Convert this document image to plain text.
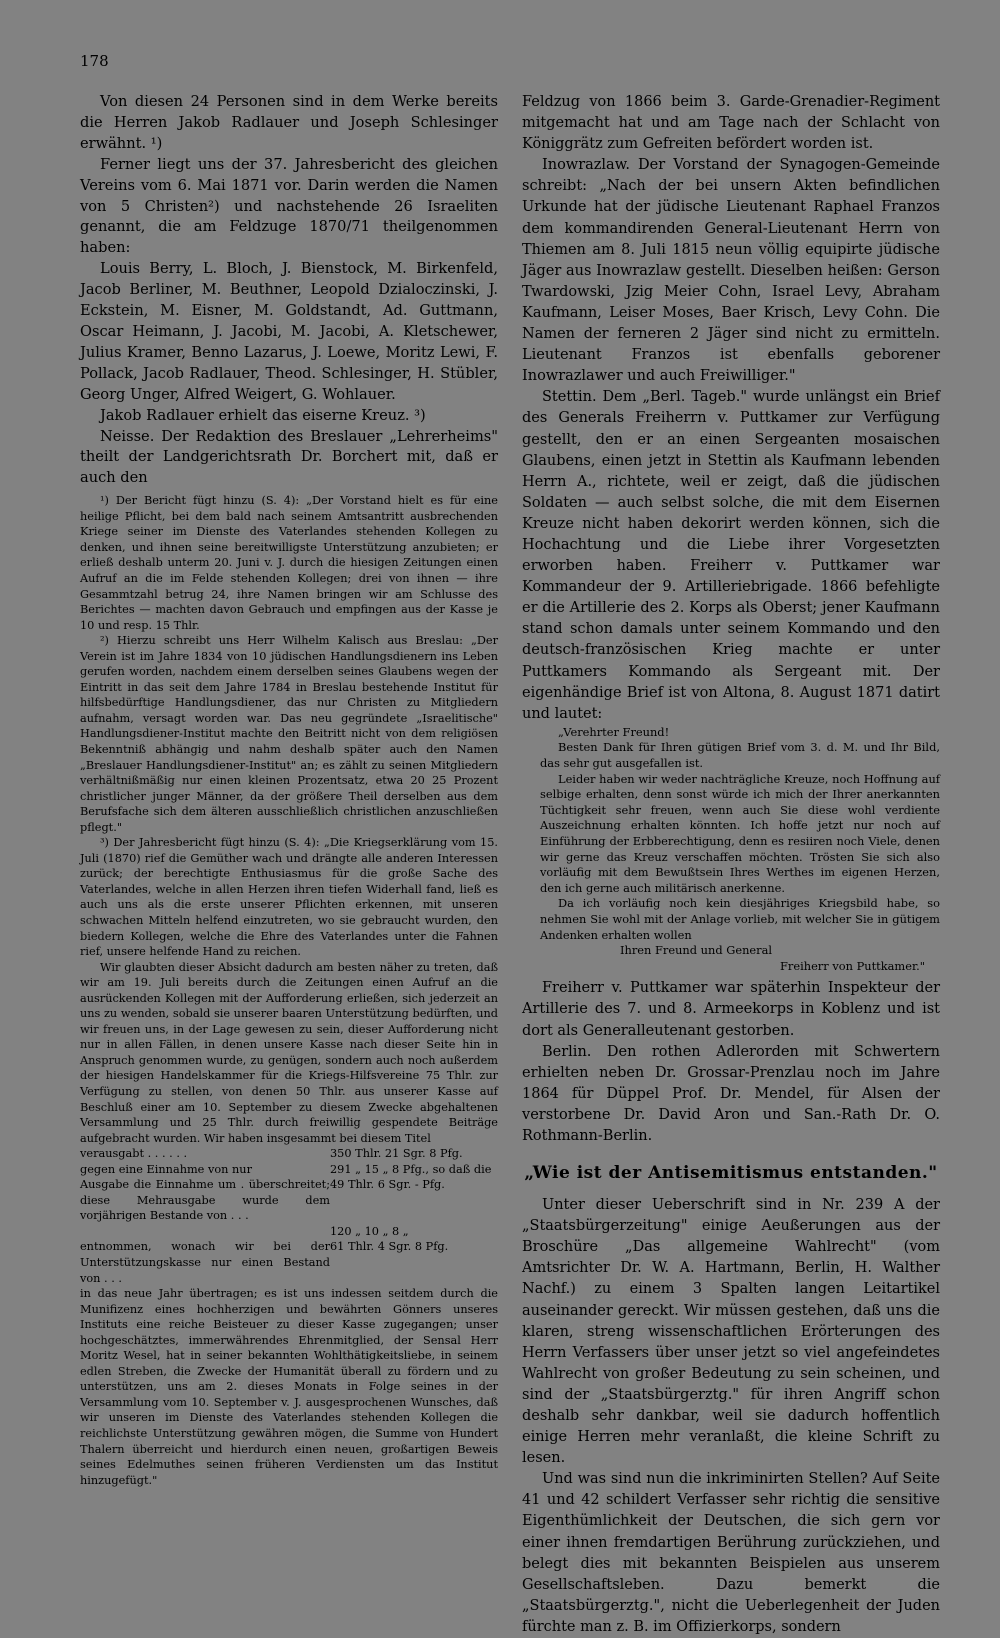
178

Von diesen 24 Personen sind in dem Werke bereits die Herren Jakob Radlauer und Joseph Schlesinger erwähnt. ¹)

Ferner liegt uns der 37. Jahresbericht des gleichen Vereins vom 6. Mai 1871 vor. Darin werden die Namen von 5 Christen²) und nachstehende 26 Israeliten genannt, die am Feldzuge 1870/71 theilgenommen haben:

Louis Berry, L. Bloch, J. Bienstock, M. Birkenfeld, Jacob Berliner, M. Beuthner, Leopold Dzialoczinski, J. Eckstein, M. Eisner, M. Goldstandt, Ad. Guttmann, Oscar Heimann, J. Jacobi, M. Jacobi, A. Kletschewer, Julius Kramer, Benno Lazarus, J. Loewe, Moritz Lewi, F. Pollack, Jacob Radlauer, Theod. Schlesinger, H. Stübler, Georg Unger, Alfred Weigert, G. Wohlauer.

Jakob Radlauer erhielt das eiserne Kreuz. ³)

Neisse. Der Redaktion des Breslauer „Lehrerheims" theilt der Landgerichtsrath Dr. Borchert mit, daß er auch den

¹) Der Bericht fügt hinzu (S. 4): „Der Vorstand hielt es für eine heilige Pflicht, bei dem bald nach seinem Amtsantritt ausbrechenden Kriege seiner im Dienste des Vaterlandes stehenden Kollegen zu denken, und ihnen seine bereitwilligste Unterstützung anzubieten; er erließ deshalb unterm 20. Juni v. J. durch die hiesigen Zeitungen einen Aufruf an die im Felde stehenden Kollegen; drei von ihnen — ihre Gesammtzahl betrug 24, ihre Namen bringen wir am Schlusse des Berichtes — machten davon Gebrauch und empfingen aus der Kasse je 10 und resp. 15 Thlr.

²) Hierzu schreibt uns Herr Wilhelm Kalisch aus Breslau: „Der Verein ist im Jahre 1834 von 10 jüdischen Handlungsdienern ins Leben gerufen worden, nachdem einem derselben seines Glaubens wegen der Eintritt in das seit dem Jahre 1784 in Breslau bestehende Institut für hilfsbedürftige Handlungsdiener, das nur Christen zu Mitgliedern aufnahm, versagt worden war. Das neu gegründete „Israelitische" Handlungsdiener-Institut machte den Beitritt nicht von dem religiösen Bekenntniß abhängig und nahm deshalb später auch den Namen „Breslauer Handlungsdiener-Institut" an; es zählt zu seinen Mitgliedern verhältnißmäßig nur einen kleinen Prozentsatz, etwa 20 25 Prozent christlicher junger Männer, da der größere Theil derselben aus dem Berufsfache sich dem älteren ausschließlich christlichen anzuschließen pflegt."

³) Der Jahresbericht fügt hinzu (S. 4): „Die Kriegserklärung vom 15. Juli (1870) rief die Gemüther wach und drängte alle anderen Interessen zurück; der berechtigte Enthusiasmus für die große Sache des Vaterlandes, welche in allen Herzen ihren tiefen Widerhall fand, ließ es auch uns als die erste unserer Pflichten erkennen, mit unseren schwachen Mitteln helfend einzutreten, wo sie gebraucht wurden, den biedern Kollegen, welche die Ehre des Vaterlandes unter die Fahnen rief, unsere helfende Hand zu reichen.

Wir glaubten dieser Absicht dadurch am besten näher zu treten, daß wir am 19. Juli bereits durch die Zeitungen einen Aufruf an die ausrückenden Kollegen mit der Aufforderung erließen, sich jederzeit an uns zu wenden, sobald sie unserer baaren Unterstützung bedürften, und wir freuen uns, in der Lage gewesen zu sein, dieser Aufforderung nicht nur in allen Fällen, in denen unsere Kasse nach dieser Seite hin in Anspruch genommen wurde, zu genügen, sondern auch noch außerdem der hiesigen Handelskammer für die Kriegs-Hilfsvereine 75 Thlr. zur Verfügung zu stellen, von denen 50 Thlr. aus unserer Kasse auf Beschluß einer am 10. September zu diesem Zwecke abgehaltenen Versammlung und 25 Thlr. durch freiwillig gespendete Beiträge aufgebracht wurden. Wir haben insgesammt bei diesem Titel

verausgabt . . . . . .	350 Thlr. 21 Sgr. 8 Pfg.
gegen eine Einnahme von nur	291 „ 15 „ 8 Pfg., so daß die
Ausgabe die Einnahme um . überschreitet; diese Mehrausgabe wurde dem vorjährigen Bestande von . . .	49 Thlr. 6 Sgr. - Pfg.
	120 „ 10 „ 8 „
entnommen, wonach wir bei der Unterstützungskasse nur einen Bestand von . . .	61 Thlr. 4 Sgr. 8 Pfg.

in das neue Jahr übertragen; es ist uns indessen seitdem durch die Munifizenz eines hochherzigen und bewährten Gönners unseres Instituts eine reiche Beisteuer zu dieser Kasse zugegangen; unser hochgeschätztes, immerwährendes Ehrenmitglied, der Sensal Herr Moritz Wesel, hat in seiner bekannten Wohlthätigkeitsliebe, in seinem edlen Streben, die Zwecke der Humanität überall zu fördern und zu unterstützen, uns am 2. dieses Monats in Folge seines in der Versammlung vom 10. September v. J. ausgesprochenen Wunsches, daß wir unseren im Dienste des Vaterlandes stehenden Kollegen die reichlichste Unterstützung gewähren mögen, die Summe von Hundert Thalern überreicht und hierdurch einen neuen, großartigen Beweis seines Edelmuthes seinen früheren Verdiensten um das Institut hinzugefügt."

Feldzug von 1866 beim 3. Garde-Grenadier-Regiment mitgemacht hat und am Tage nach der Schlacht von Königgrätz zum Gefreiten befördert worden ist.

Inowrazlaw. Der Vorstand der Synagogen-Gemeinde schreibt: „Nach der bei unsern Akten befindlichen Urkunde hat der jüdische Lieutenant Raphael Franzos dem kommandirenden General-Lieutenant Herrn von Thiemen am 8. Juli 1815 neun völlig equipirte jüdische Jäger aus Inowrazlaw gestellt. Dieselben heißen: Gerson Twardowski, Jzig Meier Cohn, Israel Levy, Abraham Kaufmann, Leiser Moses, Baer Krisch, Levy Cohn. Die Namen der ferneren 2 Jäger sind nicht zu ermitteln. Lieutenant Franzos ist ebenfalls geborener Inowrazlawer und auch Freiwilliger."

Stettin. Dem „Berl. Tageb." wurde unlängst ein Brief des Generals Freiherrn v. Puttkamer zur Verfügung gestellt, den er an einen Sergeanten mosaischen Glaubens, einen jetzt in Stettin als Kaufmann lebenden Herrn A., richtete, weil er zeigt, daß die jüdischen Soldaten — auch selbst solche, die mit dem Eisernen Kreuze nicht haben dekorirt werden können, sich die Hochachtung und die Liebe ihrer Vorgesetzten erworben haben. Freiherr v. Puttkamer war Kommandeur der 9. Artilleriebrigade. 1866 befehligte er die Artillerie des 2. Korps als Oberst; jener Kaufmann stand schon damals unter seinem Kommando und den deutsch-französischen Krieg machte er unter Puttkamers Kommando als Sergeant mit. Der eigenhändige Brief ist von Altona, 8. August 1871 datirt und lautet:

„Verehrter Freund!

Besten Dank für Ihren gütigen Brief vom 3. d. M. und Ihr Bild, das sehr gut ausgefallen ist.

Leider haben wir weder nachträgliche Kreuze, noch Hoffnung auf selbige erhalten, denn sonst würde ich mich der Ihrer anerkannten Tüchtigkeit sehr freuen, wenn auch Sie diese wohl verdiente Auszeichnung erhalten könnten. Ich hoffe jetzt nur noch auf Einführung der Erbberechtigung, denn es resiiren noch Viele, denen wir gerne das Kreuz verschaffen möchten. Trösten Sie sich also vorläufig mit dem Bewußtsein Ihres Werthes im eigenen Herzen, den ich gerne auch militärisch anerkenne.

Da ich vorläufig noch kein diesjähriges Kriegsbild habe, so nehmen Sie wohl mit der Anlage vorlieb, mit welcher Sie in gütigem Andenken erhalten wollen

Ihren Freund und General

Freiherr von Puttkamer."

Freiherr v. Puttkamer war späterhin Inspekteur der Artillerie des 7. und 8. Armeekorps in Koblenz und ist dort als Generalleutenant gestorben.

Berlin. Den rothen Adlerorden mit Schwertern erhielten neben Dr. Grossar-Prenzlau noch im Jahre 1864 für Düppel Prof. Dr. Mendel, für Alsen der verstorbene Dr. David Aron und San.-Rath Dr. O. Rothmann-Berlin.

„Wie ist der Antisemitismus entstanden."

Unter dieser Ueberschrift sind in Nr. 239 A der „Staatsbürgerzeitung" einige Aeußerungen aus der Broschüre „Das allgemeine Wahlrecht" (vom Amtsrichter Dr. W. A. Hartmann, Berlin, H. Walther Nachf.) zu einem 3 Spalten langen Leitartikel auseinander gereckt. Wir müssen gestehen, daß uns die klaren, streng wissenschaftlichen Erörterungen des Herrn Verfassers über unser jetzt so viel angefeindetes Wahlrecht von großer Bedeutung zu sein scheinen, und sind der „Staatsbürgerztg." für ihren Angriff schon deshalb sehr dankbar, weil sie dadurch hoffentlich einige Herren mehr veranlaßt, die kleine Schrift zu lesen.

Und was sind nun die inkriminirten Stellen? Auf Seite 41 und 42 schildert Verfasser sehr richtig die sensitive Eigenthümlichkeit der Deutschen, die sich gern vor einer ihnen fremdartigen Berührung zurückziehen, und belegt dies mit bekannten Beispielen aus unserem Gesellschaftsleben. Dazu bemerkt die „Staatsbürgerztg.", nicht die Ueberlegenheit der Juden fürchte man z. B. im Offizierkorps, sondern
